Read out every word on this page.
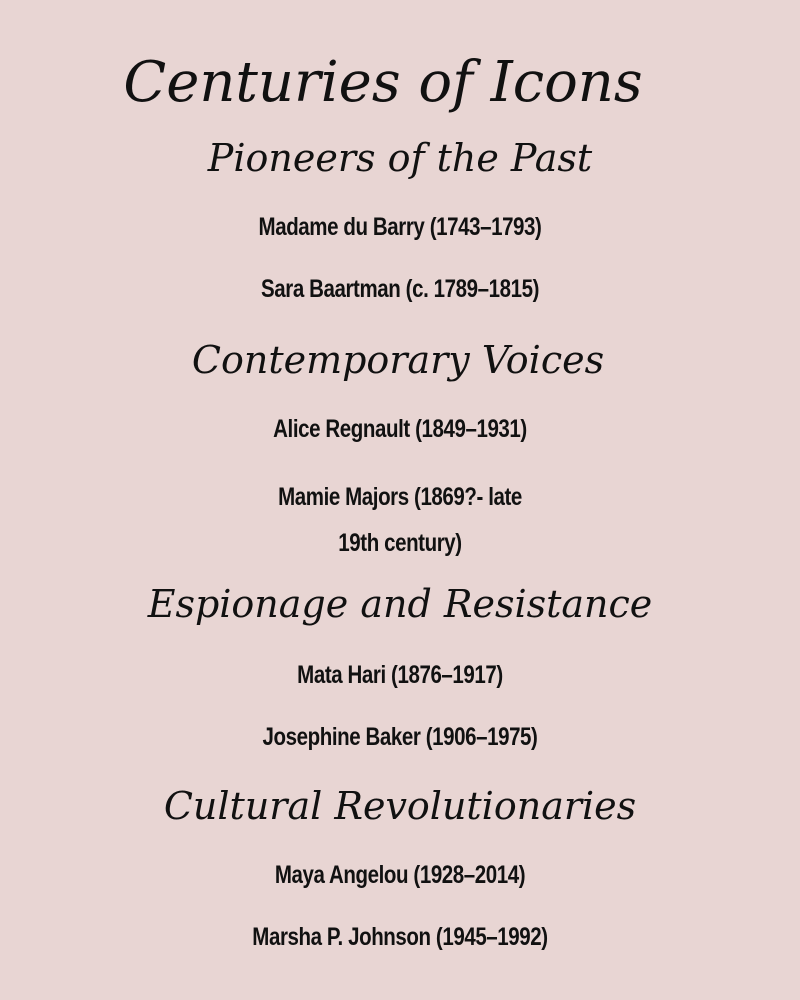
Centuries of Icons
Pioneers of the Past
Madame du Barry (1743–1793)
Sara Baartman (c. 1789–1815)
Contemporary Voices
Alice Regnault (1849–1931)
Mamie Majors (1869?- late 19th century)
Espionage and Resistance
Mata Hari (1876–1917)
Josephine Baker (1906–1975)
Cultural Revolutionaries
Maya Angelou (1928–2014)
Marsha P. Johnson (1945–1992)
